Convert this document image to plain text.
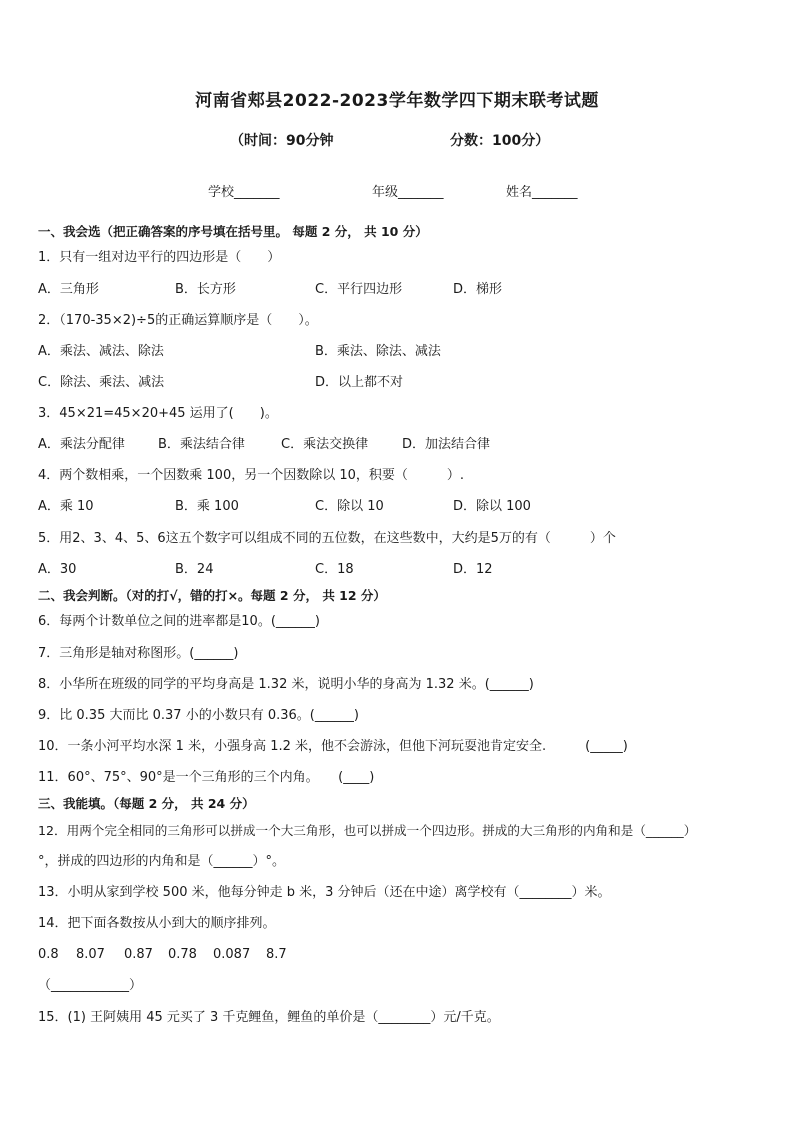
河南省郏县2022-2023学年数学四下期末联考试题
（时间：90分钟	分数：100分）
学校_______	年级_______	姓名_______
一、我会选（把正确答案的序号填在括号里。 每题 2 分， 共 10 分）
1．只有一组对边平行的四边形是（　　）
A．三角形	B．长方形	C．平行四边形	D．梯形
2．（170-35×2)÷5的正确运算顺序是（　　）。
A．乘法、减法、除法	B．乘法、除法、减法
C．除法、乘法、减法	D．以上都不对
3．45×21=45×20+45 运用了(　　)。
A．乘法分配律	B．乘法结合律	C．乘法交换律	D．加法结合律
4．两个数相乘，一个因数乘 100，另一个因数除以 10，积要（　　　）.
A．乘 10	B．乘 100	C．除以 10	D．除以 100
5．用2、3、4、5、6这五个数字可以组成不同的五位数，在这些数中，大约是5万的有（　　　）个
A．30	B．24	C．18	D．12
二、我会判断。（对的打√，错的打×。每题 2 分， 共 12 分）
6．每两个计数单位之间的进率都是10。(______)
7．三角形是轴对称图形。(______)
8．小华所在班级的同学的平均身高是 1.32 米，说明小华的身高为 1.32 米。(______)
9．比 0.35 大而比 0.37 小的小数只有 0.36。(______)
10．一条小河平均水深 1 米，小强身高 1.2 米，他不会游泳，但他下河玩耍池肯定安全.　　　(_____)
11．60°、75°、90°是一个三角形的三个内角。　　(____)
三、我能填。（每题 2 分， 共 24 分）
12．用两个完全相同的三角形可以拼成一个大三角形，也可以拼成一个四边形。拼成的大三角形的内角和是（______）
°，拼成的四边形的内角和是（______）°。
13．小明从家到学校 500 米，他每分钟走 b 米，3 分钟后（还在中途）离学校有（________）米。
14．把下面各数按从小到大的顺序排列。
0.8 8.07 0.87 0.78 0.087 8.7
（____________）
15．(1) 王阿姨用 45 元买了 3 千克鲤鱼，鲤鱼的单价是（________）元/千克。
